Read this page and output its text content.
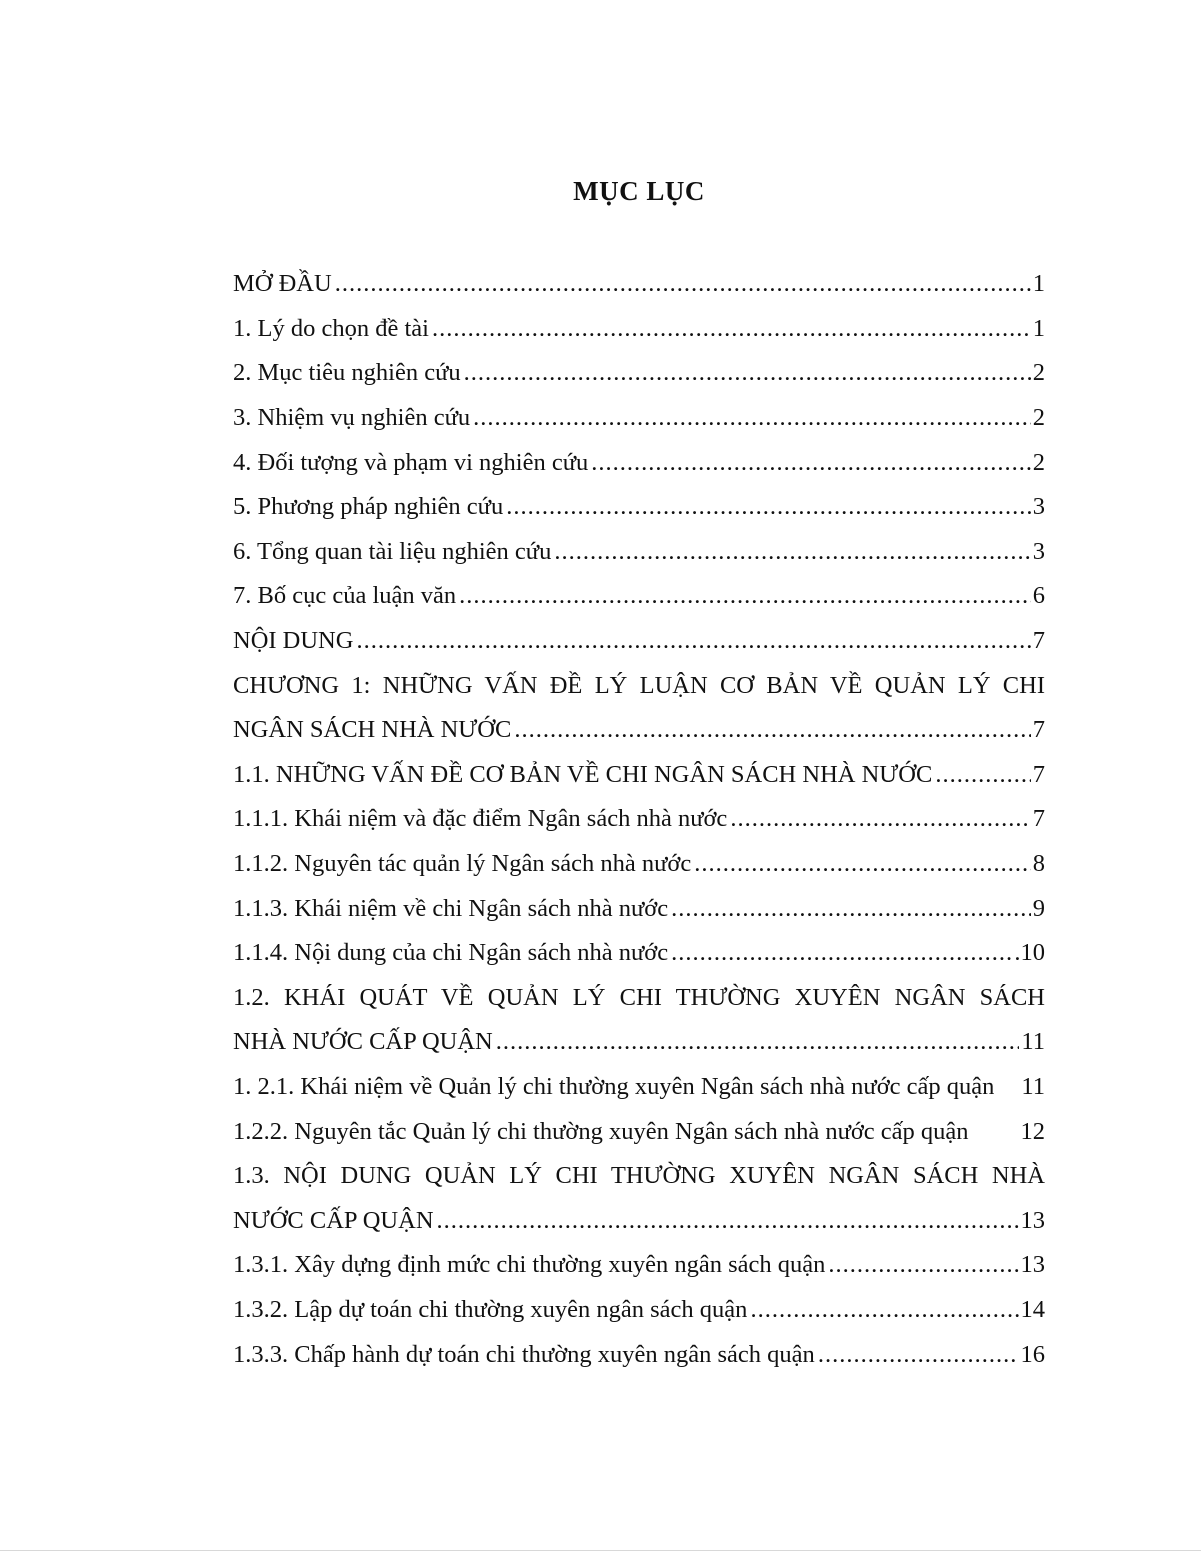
MỤC LỤC
MỞ ĐẦU .....	1
1. Lý do chọn đề tài .....	1
2. Mục tiêu nghiên cứu .....	2
3. Nhiệm vụ nghiên cứu .....	2
4. Đối tượng và phạm vi nghiên cứu .....	2
5. Phương pháp nghiên cứu .....	3
6. Tổng quan tài liệu nghiên cứu .....	3
7. Bố cục của luận văn .....	6
NỘI DUNG .....	7
CHƯƠNG 1: NHỮNG VẤN ĐỀ LÝ LUẬN CƠ BẢN VỀ QUẢN LÝ CHI
NGÂN SÁCH NHÀ NƯỚC .....	7
1.1. NHỮNG VẤN ĐỀ CƠ BẢN VỀ CHI NGÂN SÁCH NHÀ NƯỚC .....	7
1.1.1. Khái niệm và đặc điểm Ngân sách nhà nước .....	7
1.1.2. Nguyên tác quản lý Ngân sách nhà nước .....	8
1.1.3. Khái niệm về chi Ngân sách nhà nước .....	9
1.1.4. Nội dung của chi Ngân sách nhà nước .....	.10
1.2. KHÁI QUÁT VỀ QUẢN LÝ CHI THƯỜNG XUYÊN NGÂN SÁCH
NHÀ NƯỚC CẤP QUẬN .....	11
1. 2.1. Khái niệm về Quản lý chi thường xuyên Ngân sách nhà nước cấp quận 11
1.2.2. Nguyên tắc Quản lý chi thường xuyên Ngân sách nhà nước cấp quận 12
1.3. NỘI DUNG QUẢN LÝ CHI THƯỜNG XUYÊN NGÂN SÁCH NHÀ
NƯỚC CẤP QUẬN .....	13
1.3.1. Xây dựng định mức chi thường xuyên ngân sách quận .....	13
1.3.2. Lập dự toán chi thường xuyên ngân sách quận .....	14
1.3.3. Chấp hành dự toán chi thường xuyên ngân sách quận .....	16
